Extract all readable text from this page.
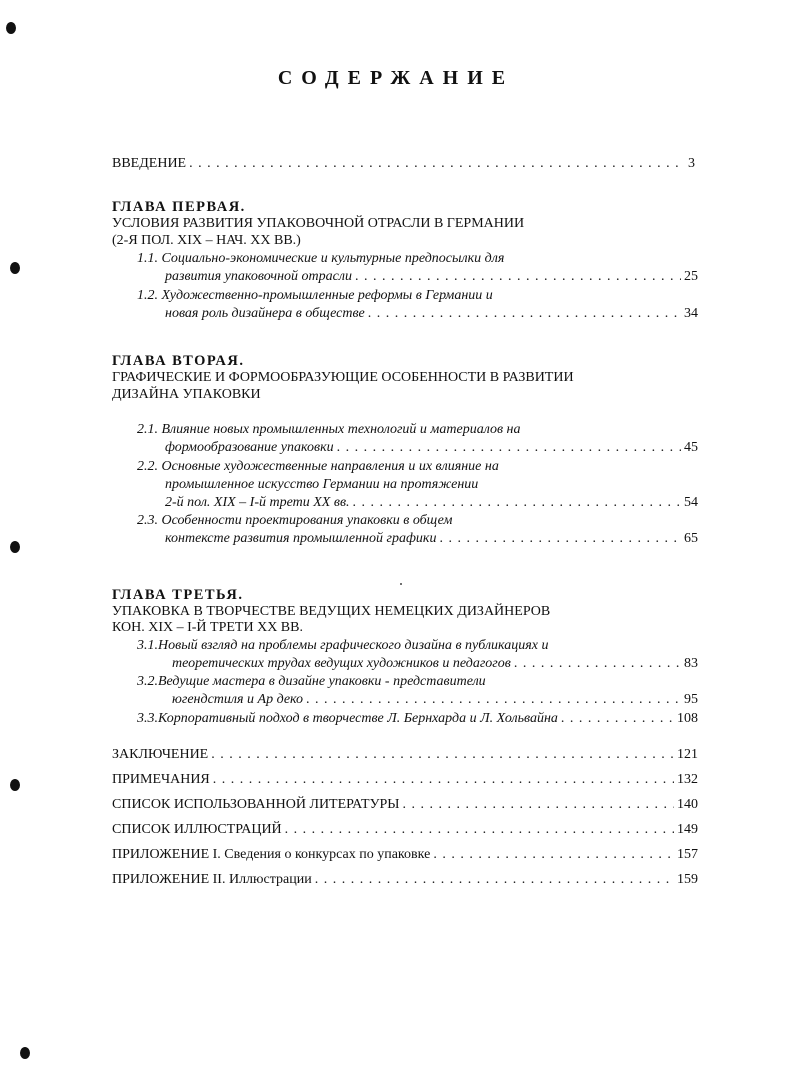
СОДЕРЖАНИЕ
ВВЕДЕНИЕ . . .	3
ГЛАВА ПЕРВАЯ.
УСЛОВИЯ РАЗВИТИЯ УПАКОВОЧНОЙ ОТРАСЛИ В ГЕРМАНИИ
(2-Я ПОЛ. XIX – НАЧ. XX ВВ.)
1.1. Социально-экономические и культурные предпосылки для
развития упаковочной отрасли . . .	25
1.2. Художественно-промышленные реформы в Германии и
новая роль дизайнера в обществе . . .	34
ГЛАВА ВТОРАЯ.
ГРАФИЧЕСКИЕ И ФОРМООБРАЗУЮЩИЕ ОСОБЕННОСТИ В РАЗВИТИИ
ДИЗАЙНА УПАКОВКИ
2.1. Влияние новых промышленных технологий и материалов на
формообразование упаковки . . .	45
2.2. Основные художественные направления и их влияние на
промышленное искусство Германии на протяжении
2-й пол. XIX – I-й трети XX вв. . . .	54
2.3. Особенности проектирования упаковки в общем
контексте развития промышленной графики . . .	65
ГЛАВА ТРЕТЬЯ.
УПАКОВКА В ТВОРЧЕСТВЕ ВЕДУЩИХ НЕМЕЦКИХ ДИЗАЙНЕРОВ
КОН. XIX – I-Й ТРЕТИ XX ВВ.
3.1.Новый взгляд на проблемы графического дизайна в публикациях и
теоретических трудах ведущих художников и педагогов . . .	83
3.2.Ведущие мастера в дизайне упаковки - представители
югендстиля и Ар деко . . .	95
3.3.Корпоративный подход в творчестве Л. Бернхарда и Л. Хольвайна . . .	108
ЗАКЛЮЧЕНИЕ . . .	121
ПРИМЕЧАНИЯ . . .	132
СПИСОК ИСПОЛЬЗОВАННОЙ ЛИТЕРАТУРЫ . . .	140
СПИСОК ИЛЛЮСТРАЦИЙ . . .	149
ПРИЛОЖЕНИЕ I. Сведения о конкурсах по упаковке . . .	157
ПРИЛОЖЕНИЕ II. Иллюстрации . . .	159
